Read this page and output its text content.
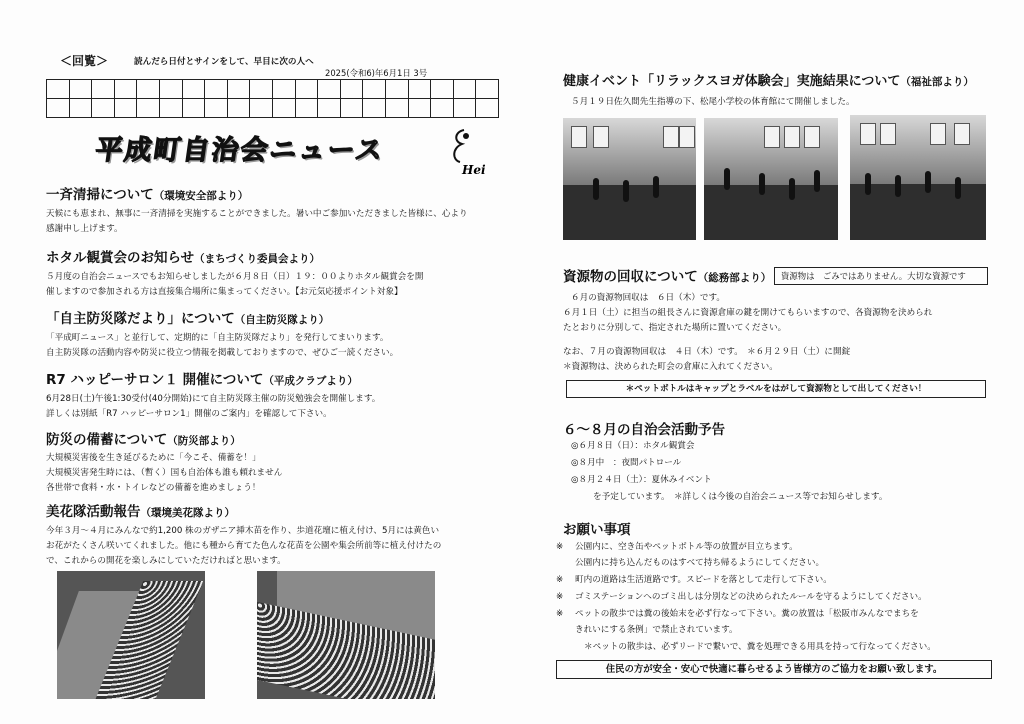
＜回覧＞	読んだら日付とサインをして、早目に次の人へ
2025(令和6)年6月1日 3号
平成町自治会ニュース
Hei
一斉清掃について（環境安全部より）
天候にも恵まれ、無事に一斉清掃を実施することができました。暑い中ご参加いただきました皆様に、心より
感謝申し上げます。
ホタル観賞会のお知らせ（まちづくり委員会より）
５月度の自治会ニュースでもお知らせしましたが６月８日（日）１９：００よりホタル観賞会を開
催しますので参加される方は直接集合場所に集まってください。【お元気応援ポイント対象】
「自主防災隊だより」について（自主防災隊より）
「平成町ニュース」と並行して、定期的に「自主防災隊だより」を発行してまいります。
自主防災隊の活動内容や防災に役立つ情報を掲載しておりますので、ぜひご一読ください。
R7 ハッピーサロン１ 開催について（平成クラブより）
6月28日(土)午後1:30受付(40分開始)にて自主防災隊主催の防災勉強会を開催します。
詳しくは別紙「R7 ハッピーサロン1」開催のご案内」を確認して下さい。
防災の備蓄について（防災部より）
大規模災害後を生き延びるために「今こそ、備蓄を！」
大規模災害発生時には、（暫く）国も自治体も誰も頼れません
各世帯で食料・水・トイレなどの備蓄を進めましょう！
美花隊活動報告（環境美花隊より）
今年３月～４月にみんなで約1,200 株のガザニア挿木苗を作り、歩道花壇に植え付け、5月には黄色い
お花がたくさん咲いてくれました。他にも種から育てた色んな花苗を公園や集会所前等に植え付けたの
で、これからの開花を楽しみにしていただければと思います。
健康イベント「リラックスヨガ体験会」実施結果について（福祉部より）
５月１９日佐久間先生指導の下、松尾小学校の体育館にて開催しました。
資源物の回収について（総務部より）	資源物は　ごみではありません。大切な資源です
６月の資源物回収は　６日（木）です。
６月１日（土）に担当の組長さんに資源倉庫の鍵を開けてもらいますので、各資源物を決められ
たとおりに分別して、指定された場所に置いてください。
なお、７月の資源物回収は　４日（木）です。　＊６月２９日（土）に開錠
＊資源物は、決められた町会の倉庫に入れてください。
＊ペットボトルはキャップとラベルをはがして資源物として出してください！
６～８月の自治会活動予告
◎６月８日（日）：ホタル観賞会
◎８月中　：夜間パトロール
◎８月２４日（土）：夏休みイベント
を予定しています。　＊詳しくは今後の自治会ニュース等でお知らせします。
お願い事項
※ 公園内に、空き缶やペットボトル等の放置が目立ちます。
公園内に持ち込んだものはすべて持ち帰るようにしてください。
※ 町内の道路は生活道路です。スピードを落として走行して下さい。
※ ゴミステーションへのゴミ出しは分別などの決められたルールを守るようにしてください。
※ ペットの散歩では糞の後始末を必ず行なって下さい。糞の放置は「松阪市みんなでまちを
きれいにする条例」で禁止されています。
＊ペットの散歩は、必ずリードで繋いで、糞を処理できる用具を持って行なってください。
住民の方が安全・安心で快適に暮らせるよう皆様方のご協力をお願い致します。
